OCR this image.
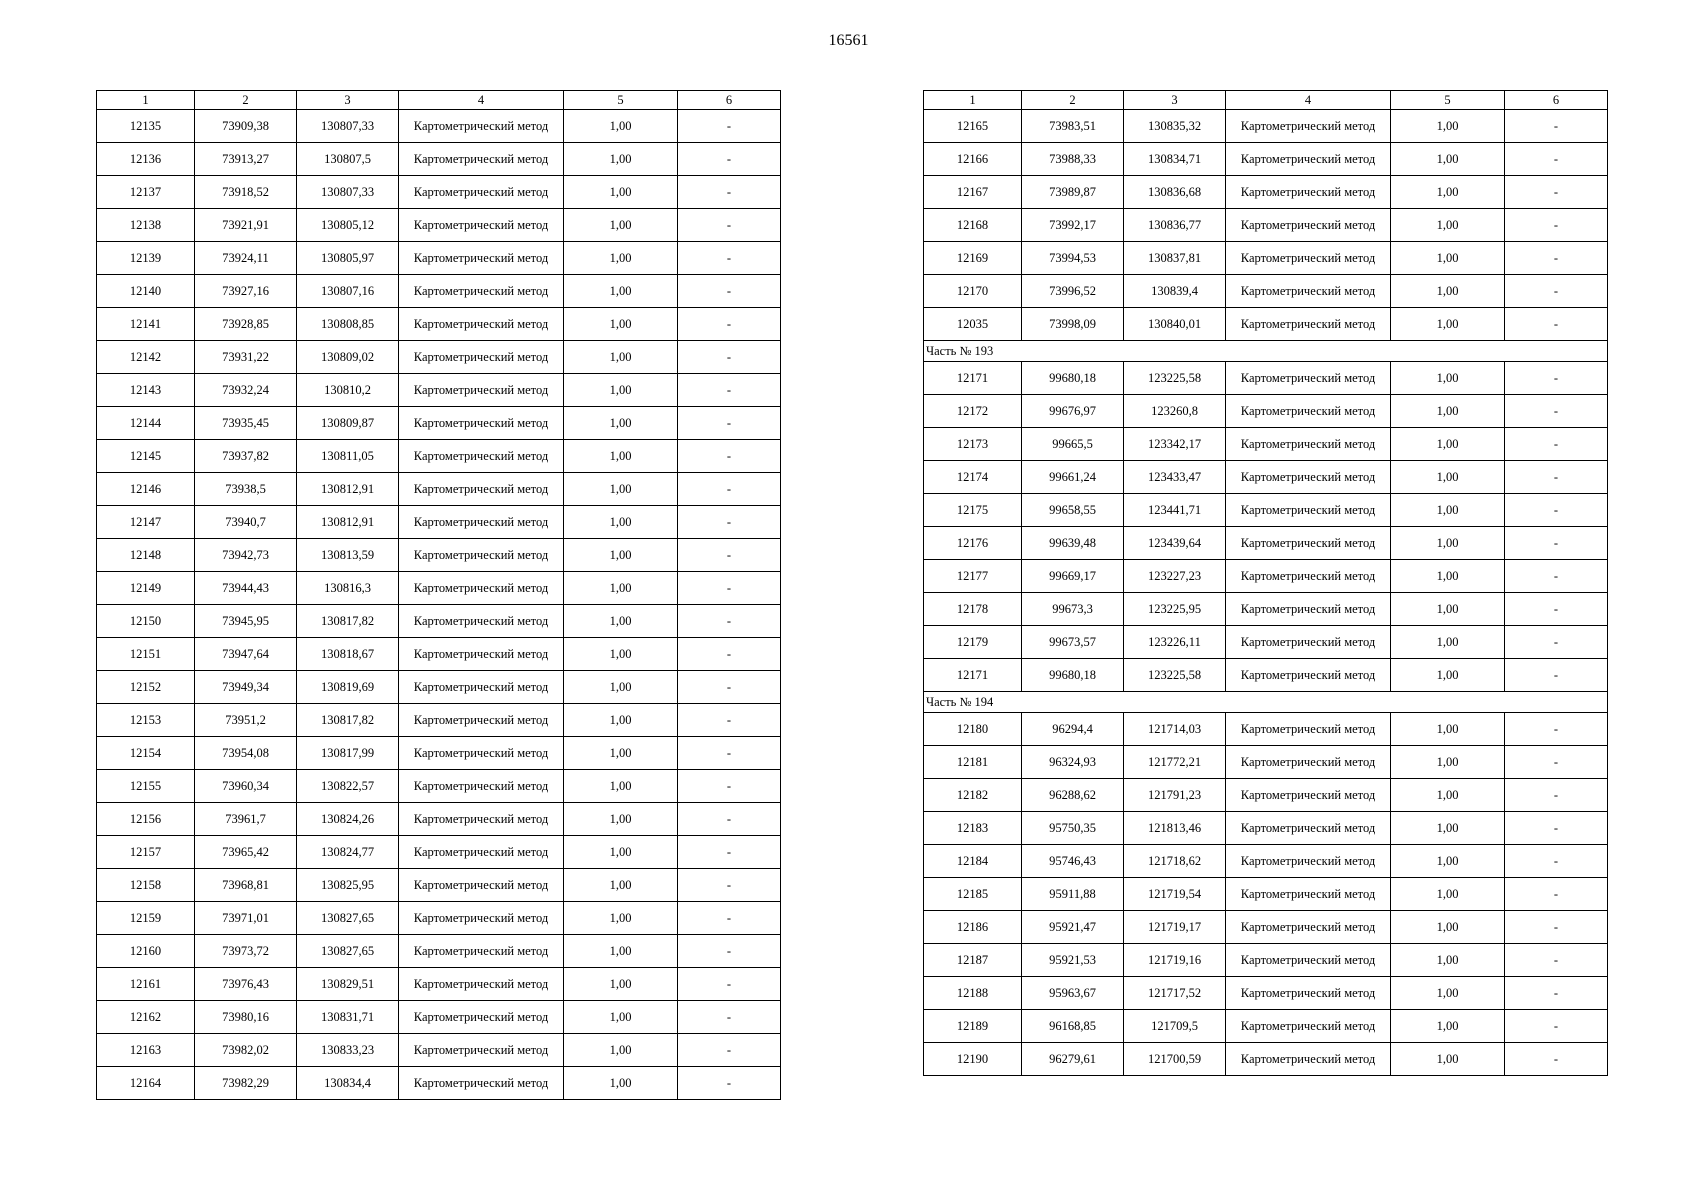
16561
1	2	3	4	5	6
12135	73909,38	130807,33	Картометрический метод	1,00	-
12136	73913,27	130807,5	Картометрический метод	1,00	-
12137	73918,52	130807,33	Картометрический метод	1,00	-
12138	73921,91	130805,12	Картометрический метод	1,00	-
12139	73924,11	130805,97	Картометрический метод	1,00	-
12140	73927,16	130807,16	Картометрический метод	1,00	-
12141	73928,85	130808,85	Картометрический метод	1,00	-
12142	73931,22	130809,02	Картометрический метод	1,00	-
12143	73932,24	130810,2	Картометрический метод	1,00	-
12144	73935,45	130809,87	Картометрический метод	1,00	-
12145	73937,82	130811,05	Картометрический метод	1,00	-
12146	73938,5	130812,91	Картометрический метод	1,00	-
12147	73940,7	130812,91	Картометрический метод	1,00	-
12148	73942,73	130813,59	Картометрический метод	1,00	-
12149	73944,43	130816,3	Картометрический метод	1,00	-
12150	73945,95	130817,82	Картометрический метод	1,00	-
12151	73947,64	130818,67	Картометрический метод	1,00	-
12152	73949,34	130819,69	Картометрический метод	1,00	-
12153	73951,2	130817,82	Картометрический метод	1,00	-
12154	73954,08	130817,99	Картометрический метод	1,00	-
12155	73960,34	130822,57	Картометрический метод	1,00	-
12156	73961,7	130824,26	Картометрический метод	1,00	-
12157	73965,42	130824,77	Картометрический метод	1,00	-
12158	73968,81	130825,95	Картометрический метод	1,00	-
12159	73971,01	130827,65	Картометрический метод	1,00	-
12160	73973,72	130827,65	Картометрический метод	1,00	-
12161	73976,43	130829,51	Картометрический метод	1,00	-
12162	73980,16	130831,71	Картометрический метод	1,00	-
12163	73982,02	130833,23	Картометрический метод	1,00	-
12164	73982,29	130834,4	Картометрический метод	1,00	-
1	2	3	4	5	6
12165	73983,51	130835,32	Картометрический метод	1,00	-
12166	73988,33	130834,71	Картометрический метод	1,00	-
12167	73989,87	130836,68	Картометрический метод	1,00	-
12168	73992,17	130836,77	Картометрический метод	1,00	-
12169	73994,53	130837,81	Картометрический метод	1,00	-
12170	73996,52	130839,4	Картометрический метод	1,00	-
12035	73998,09	130840,01	Картометрический метод	1,00	-
Часть № 193					
12171	99680,18	123225,58	Картометрический метод	1,00	-
12172	99676,97	123260,8	Картометрический метод	1,00	-
12173	99665,5	123342,17	Картометрический метод	1,00	-
12174	99661,24	123433,47	Картометрический метод	1,00	-
12175	99658,55	123441,71	Картометрический метод	1,00	-
12176	99639,48	123439,64	Картометрический метод	1,00	-
12177	99669,17	123227,23	Картометрический метод	1,00	-
12178	99673,3	123225,95	Картометрический метод	1,00	-
12179	99673,57	123226,11	Картометрический метод	1,00	-
12171	99680,18	123225,58	Картометрический метод	1,00	-
Часть № 194					
12180	96294,4	121714,03	Картометрический метод	1,00	-
12181	96324,93	121772,21	Картометрический метод	1,00	-
12182	96288,62	121791,23	Картометрический метод	1,00	-
12183	95750,35	121813,46	Картометрический метод	1,00	-
12184	95746,43	121718,62	Картометрический метод	1,00	-
12185	95911,88	121719,54	Картометрический метод	1,00	-
12186	95921,47	121719,17	Картометрический метод	1,00	-
12187	95921,53	121719,16	Картометрический метод	1,00	-
12188	95963,67	121717,52	Картометрический метод	1,00	-
12189	96168,85	121709,5	Картометрический метод	1,00	-
12190	96279,61	121700,59	Картометрический метод	1,00	-
